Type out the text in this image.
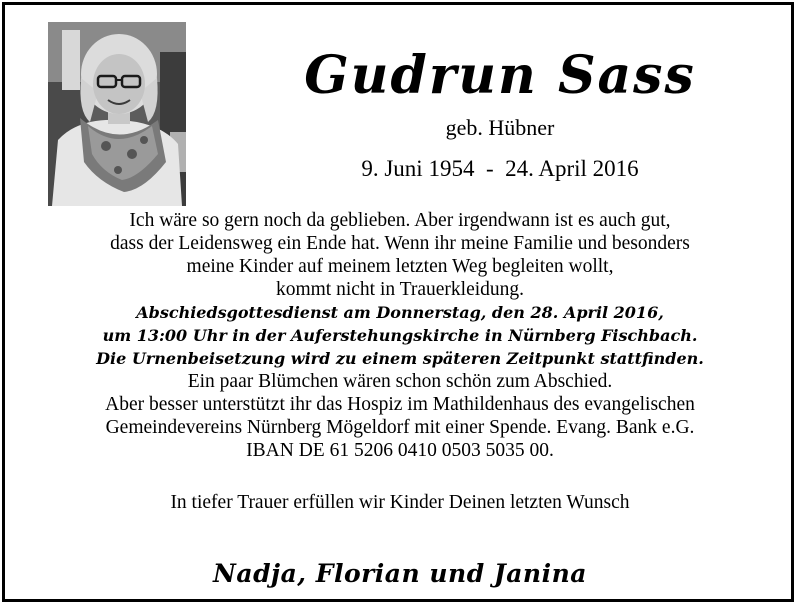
Gudrun Sass
geb. Hübner
9. Juni 1954  -  24. April 2016
Ich wäre so gern noch da geblieben. Aber irgendwann ist es auch gut,
dass der Leidensweg ein Ende hat. Wenn ihr meine Familie und besonders
meine Kinder auf meinem letzten Weg begleiten wollt,
kommt nicht in Trauerkleidung.
Abschiedsgottesdienst am Donnerstag, den 28. April 2016,
um 13:00 Uhr in der Auferstehungskirche in Nürnberg Fischbach.
Die Urnenbeisetzung wird zu einem späteren Zeitpunkt stattfinden.
Ein paar Blümchen wären schon schön zum Abschied.
Aber besser unterstützt ihr das Hospiz im Mathildenhaus des evangelischen
Gemeindevereins Nürnberg Mögeldorf mit einer Spende. Evang. Bank e.G.
IBAN DE 61 5206 0410 0503 5035 00.
In tiefer Trauer erfüllen wir Kinder Deinen letzten Wunsch
Nadja, Florian und Janina
